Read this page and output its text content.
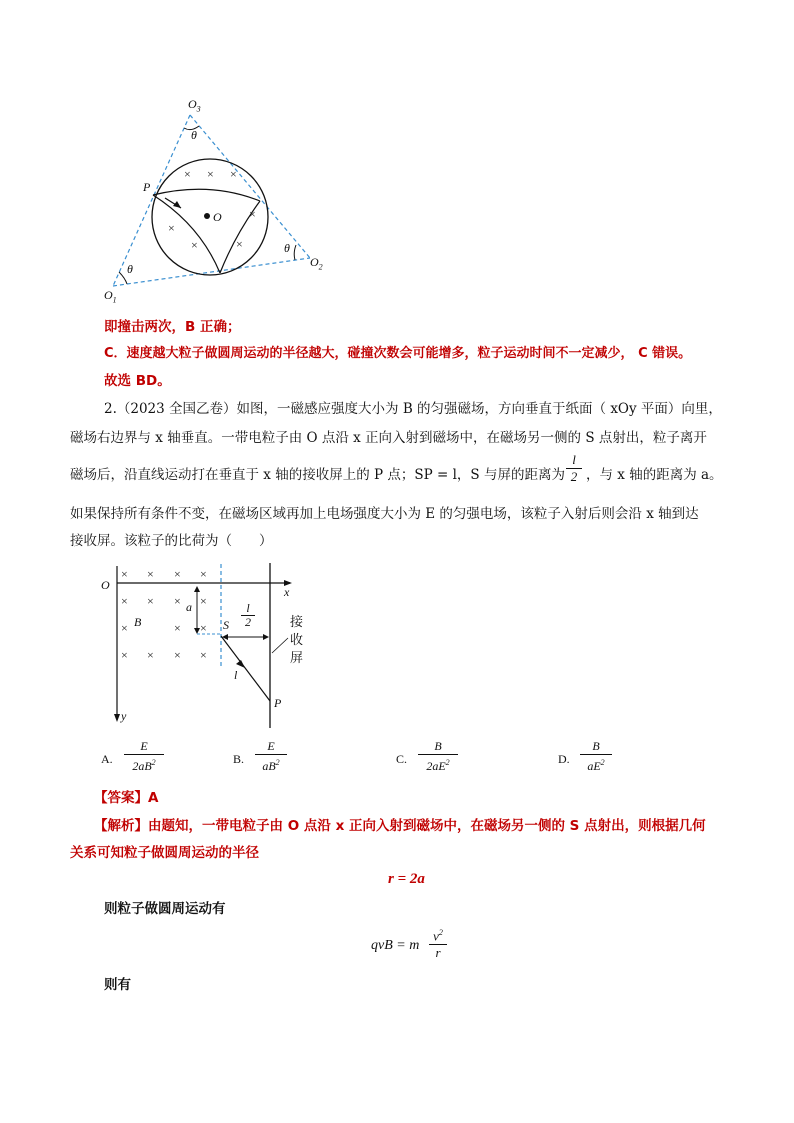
$O_3$
θ
P
O
θ
$O_2$
θ
$O_1$
× × ×
×
×
×	×
即撞击两次，B 正确；
C．速度越大粒子做圆周运动的半径越大，碰撞次数会可能增多，粒子运动时间不一定减少， C 错误。
故选 BD。
2.（2023 全国乙卷）如图，一磁感应强度大小为 B 的匀强磁场，方向垂直于纸面（ xOy 平面）向里，
磁场右边界与 x 轴垂直。一带电粒子由 O 点沿 x 正向入射到磁场中，在磁场另一侧的 S 点射出，粒子离开
磁场后，沿直线运动打在垂直于 x 轴的接收屏上的 P 点；SP = l，S 与屏的距离为 $\frac{l}{2}$ ，与 x 轴的距离为 a。
如果保持所有条件不变，在磁场区域再加上电场强度大小为 E 的匀强电场，该粒子入射后则会沿 x 轴到达
接收屏。该粒子的比荷为（　　）
O	x
y
a
B	S $\frac{l}{2}$
l
P
接
收
屏
× × × ×
× × × ×
×	× ×
× × × ×
A. $\frac{E}{2aB^2}$	B. $\frac{E}{aB^2}$	C. $\frac{B}{2aE^2}$	D. $\frac{B}{aE^2}$
【答案】A
【解析】由题知，一带电粒子由 O 点沿 x 正向入射到磁场中，在磁场另一侧的 S 点射出，则根据几何
关系可知粒子做圆周运动的半径
r = 2a
则粒子做圆周运动有
qvB = m $\frac{v^2}{r}$
则有
